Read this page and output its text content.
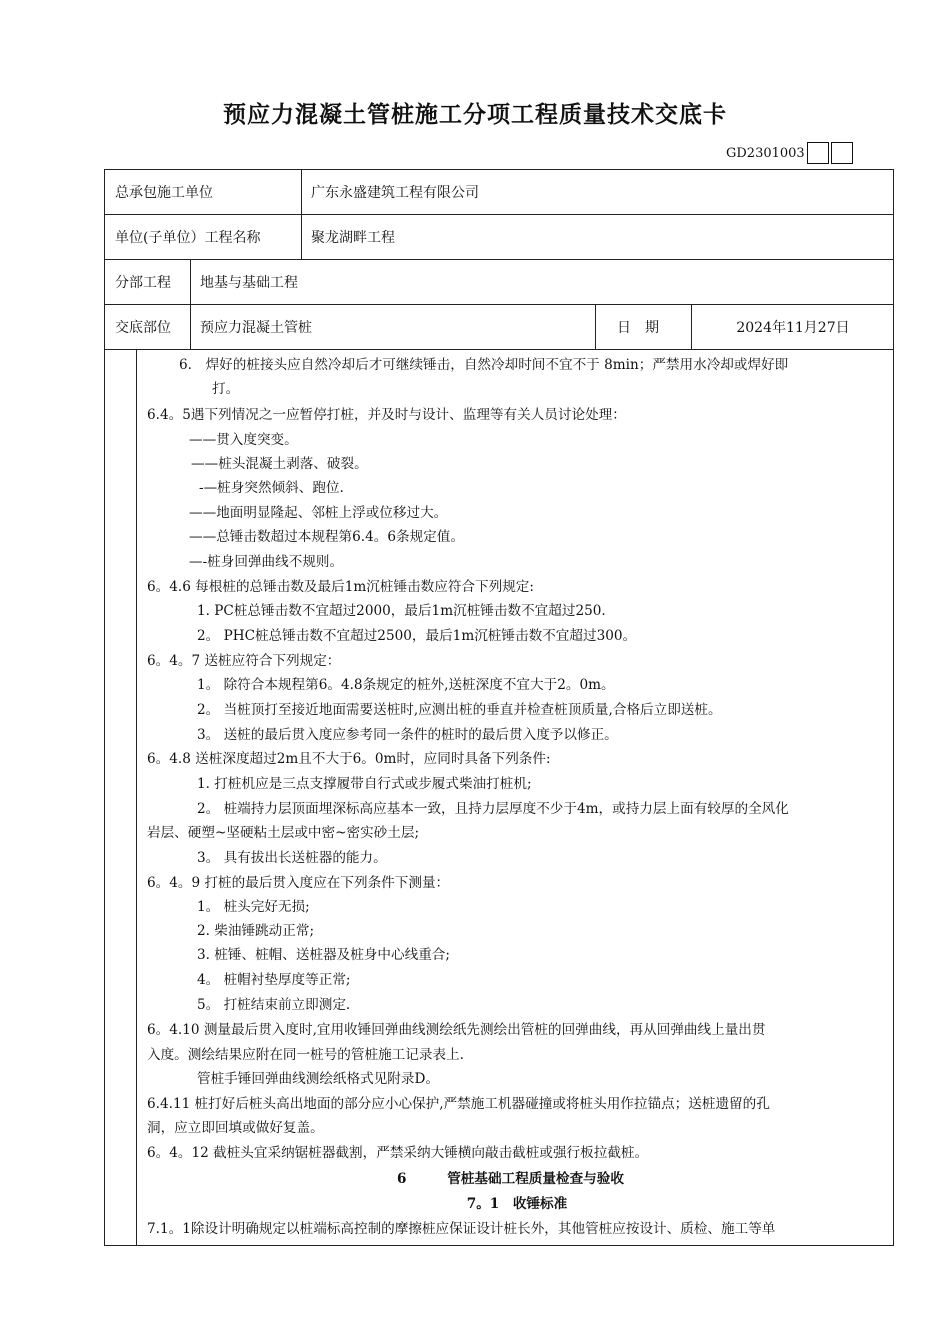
预应力混凝土管桩施工分项工程质量技术交底卡
GD2301003
总承包施工单位	广东永盛建筑工程有限公司
单位(子单位）工程名称	聚龙湖畔工程
分部工程	地基与基础工程
交底部位	预应力混凝土管桩	日　期	2024年11月27日
6.　焊好的桩接头应自然冷却后才可继续锤击，自然冷却时间不宜不于 8min；严禁用水冷却或焊好即
打。
6.4。5遇下列情况之一应暂停打桩，并及时与设计、监理等有关人员讨论处理：
——贯入度突变。
——桩头混凝土剥落、破裂。
-—桩身突然倾斜、跑位.
——地面明显隆起、邻桩上浮或位移过大。
——总锤击数超过本规程第6.4。6条规定值。
—-桩身回弹曲线不规则。
6。4.6 每根桩的总锤击数及最后1m沉桩锤击数应符合下列规定:
1. PC桩总锤击数不宜超过2000，最后1m沉桩锤击数不宜超过250.
2。 PHC桩总锤击数不宜超过2500，最后1m沉桩锤击数不宜超过300。
6。4。7 送桩应符合下列规定：
1。 除符合本规程第6。4.8条规定的桩外,送桩深度不宜大于2。0m。
2。 当桩顶打至接近地面需要送桩时,应测出桩的垂直并检查桩顶质量,合格后立即送桩。
3。 送桩的最后贯入度应参考同一条件的桩时的最后贯入度予以修正。
6。4.8 送桩深度超过2m且不大于6。0m时，应同时具备下列条件:
1. 打桩机应是三点支撑履带自行式或步履式柴油打桩机;
2。 桩端持力层顶面埋深标高应基本一致，且持力层厚度不少于4m，或持力层上面有较厚的全风化
岩层、硬塑~坚硬粘土层或中密~密实砂土层;
3。 具有拔出长送桩器的能力。
6。4。9 打桩的最后贯入度应在下列条件下测量：
1。 桩头完好无损;
2. 柴油锤跳动正常;
3. 桩锤、桩帽、送桩器及桩身中心线重合;
4。 桩帽衬垫厚度等正常;
5。 打桩结束前立即测定.
6。4.10 测量最后贯入度时,宜用收锤回弹曲线测绘纸先测绘出管桩的回弹曲线，再从回弹曲线上量出贯
入度。测绘结果应附在同一桩号的管桩施工记录表上.
管桩手锤回弹曲线测绘纸格式见附录D。
6.4.11 桩打好后桩头高出地面的部分应小心保护,严禁施工机器碰撞或将桩头用作拉锚点；送桩遗留的孔
洞，应立即回填或做好复盖。
6。4。12 截桩头宜采纳锯桩器截割，严禁采纳大锤横向敲击截桩或强行板拉截桩。
6　　　管桩基础工程质量检查与验收
7。1　收锤标准
7.1。1除设计明确规定以桩端标高控制的摩擦桩应保证设计桩长外，其他管桩应按设计、质检、施工等单
